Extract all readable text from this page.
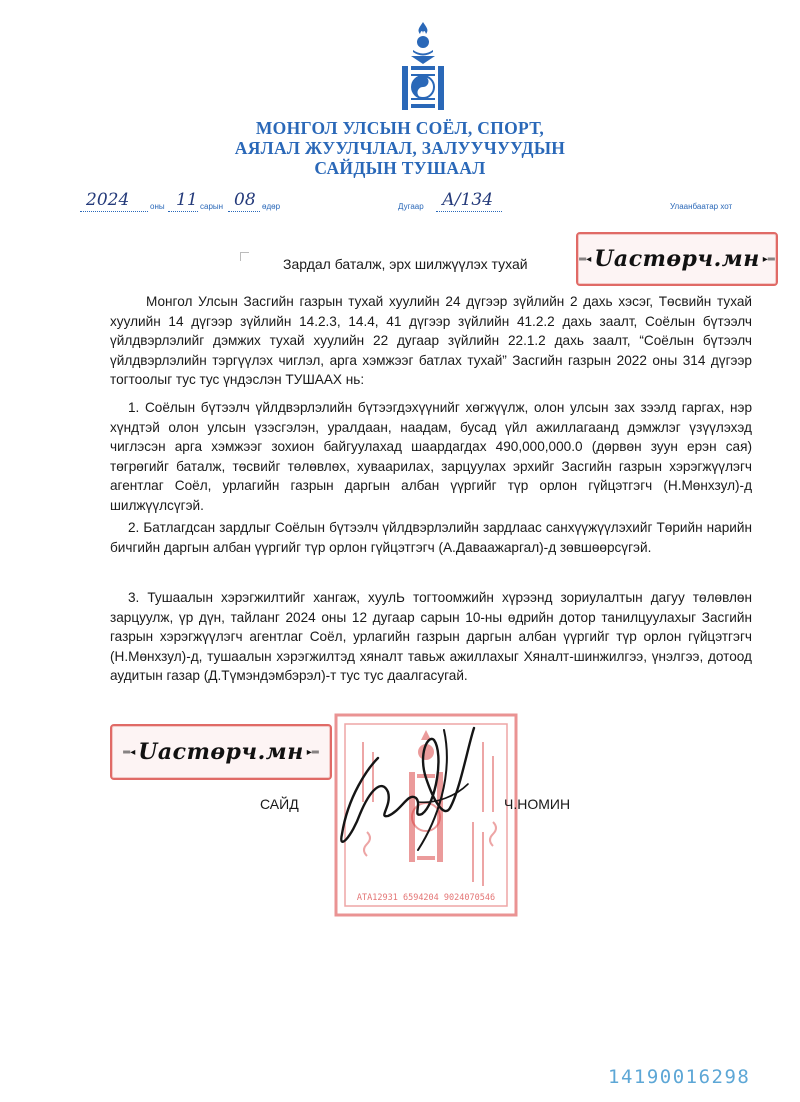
МОНГОЛ УЛСЫН СОЁЛ, СПОРТ,
АЯЛАЛ ЖУУЛЧЛАЛ, ЗАЛУУЧУУДЫН
САЙДЫН ТУШААЛ
2024	оны 11 сарын 08 өдөр	Дугаар А/134	Улаанбаатар хот
Зардал баталж, эрх шилжүүлэх тухай	═◂ Uacmөpч.мн ▸═
Монгол Улсын Засгийн газрын тухай хуулийн 24 дүгээр зүйлийн 2 дахь хэсэг, Төсвийн тухай хуулийн 14 дүгээр зүйлийн 14.2.3, 14.4, 41 дүгээр зүйлийн 41.2.2 дахь заалт, Соёлын бүтээлч үйлдвэрлэлийг дэмжих тухай хуулийн 22 дугаар зүйлийн 22.1.2 дахь заалт, “Соёлын бүтээлч үйлдвэрлэлийн тэргүүлэх чиглэл, арга хэмжээг батлах тухай” Засгийн газрын 2022 оны 314 дүгээр тогтоолыг тус тус үндэслэн ТУШААХ нь:
1. Соёлын бүтээлч үйлдвэрлэлийн бүтээгдэхүүнийг хөгжүүлж, олон улсын зах зээлд гаргах, нэр хүндтэй олон улсын үзэсгэлэн, уралдаан, наадам, бусад үйл ажиллагаанд дэмжлэг үзүүлэхэд чиглэсэн арга хэмжээг зохион байгуулахад шаардагдах 490,000,000.0 (дөрвөн зуун ерэн сая) төгрөгийг баталж, төсвийг төлөвлөх, хуваарилах, зарцуулах эрхийг Засгийн газрын хэрэгжүүлэгч агентлаг Соёл, урлагийн газрын даргын албан үүргийг түр орлон гүйцэтгэгч (Н.Мөнхзул)-д шилжүүлсүгэй.
2. Батлагдсан зардлыг Соёлын бүтээлч үйлдвэрлэлийн зардлаас санхүүжүүлэхийг Төрийн нарийн бичгийн даргын албан үүргийг түр орлон гүйцэтгэгч (А.Даваажаргал)-д зөвшөөрсүгэй.
3. Тушаалын хэрэгжилтийг хангаж, хуулЬ тогтоомжийн хүрээнд зориулалтын дагуу төлөвлөн зарцуулж, үр дүн, тайланг 2024 оны 12 дугаар сарын 10-ны өдрийн дотор танилцуулахыг Засгийн газрын хэрэгжүүлэгч агентлаг Соёл, урлагийн газрын даргын албан үүргийг түр орлон гүйцэтгэгч (Н.Мөнхзул)-д, тушаалын хэрэгжилтэд хяналт тавьж ажиллахыг Хяналт-шинжилгээ, үнэлгээ, дотоод аудитын газар (Д.Түмэндэмбэрэл)-т тус тус даалгасугай.
АТА12931 6594204 9024070546
САЙД	Ч.НОМИН
═◂ Uacmөpч.мн ▸═
14190016298
